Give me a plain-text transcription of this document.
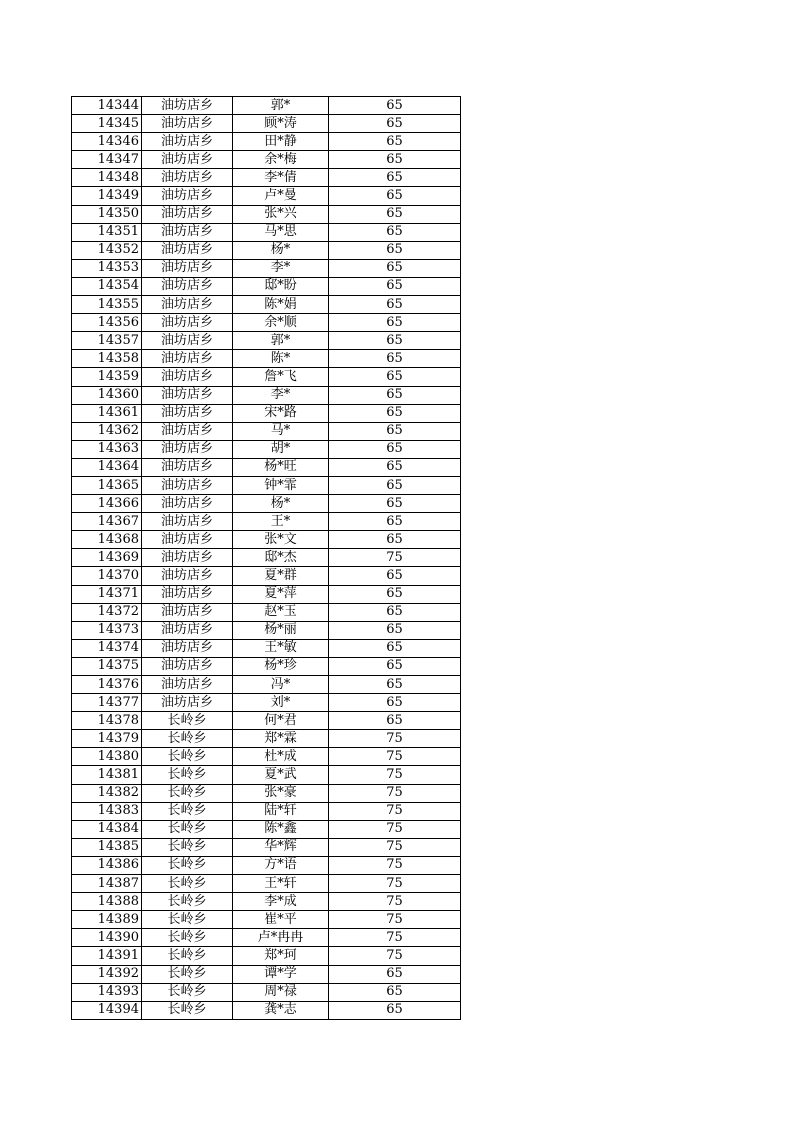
14344	油坊店乡	郭*	65
14345	油坊店乡	顾*涛	65
14346	油坊店乡	田*静	65
14347	油坊店乡	余*梅	65
14348	油坊店乡	李*倩	65
14349	油坊店乡	卢*曼	65
14350	油坊店乡	张*兴	65
14351	油坊店乡	马*思	65
14352	油坊店乡	杨*	65
14353	油坊店乡	李*	65
14354	油坊店乡	邸*盼	65
14355	油坊店乡	陈*娟	65
14356	油坊店乡	余*顺	65
14357	油坊店乡	郭*	65
14358	油坊店乡	陈*	65
14359	油坊店乡	詹*飞	65
14360	油坊店乡	李*	65
14361	油坊店乡	宋*路	65
14362	油坊店乡	马*	65
14363	油坊店乡	胡*	65
14364	油坊店乡	杨*旺	65
14365	油坊店乡	钟*霏	65
14366	油坊店乡	杨*	65
14367	油坊店乡	王*	65
14368	油坊店乡	张*文	65
14369	油坊店乡	邸*杰	75
14370	油坊店乡	夏*群	65
14371	油坊店乡	夏*萍	65
14372	油坊店乡	赵*玉	65
14373	油坊店乡	杨*丽	65
14374	油坊店乡	王*敏	65
14375	油坊店乡	杨*珍	65
14376	油坊店乡	冯*	65
14377	油坊店乡	刘*	65
14378	长岭乡	何*君	65
14379	长岭乡	郑*霖	75
14380	长岭乡	杜*成	75
14381	长岭乡	夏*武	75
14382	长岭乡	张*豪	75
14383	长岭乡	陆*轩	75
14384	长岭乡	陈*鑫	75
14385	长岭乡	华*辉	75
14386	长岭乡	方*语	75
14387	长岭乡	王*轩	75
14388	长岭乡	李*成	75
14389	长岭乡	崔*平	75
14390	长岭乡	卢*冉冉	75
14391	长岭乡	郑*珂	75
14392	长岭乡	谭*学	65
14393	长岭乡	周*禄	65
14394	长岭乡	龚*志	65
